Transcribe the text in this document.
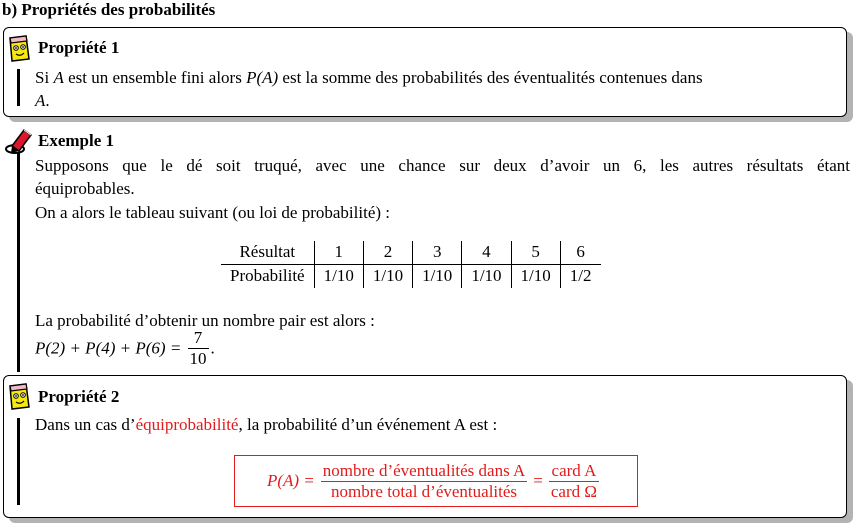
b) Propriétés des probabilités
Propriété 1
Si A est un ensemble fini alors P(A) est la somme des probabilités des éventualités contenues dans
A.
Exemple 1
Supposons que le dé soit truqué, avec une chance sur deux d’avoir un 6, les autres résultats étant
équiprobables.
On a alors le tableau suivant (ou loi de probabilité) :
Résultat	1	2	3	4	5	6
Probabilité	1/10	1/10	1/10	1/10	1/10	1/2
La probabilité d’obtenir un nombre pair est alors :
$P(2) + P(4) + P(6) = \frac{7}{10}$ .
Propriété 2
Dans un cas d’équiprobabilité, la probabilité d’un événement A est :
$P(A) = \frac{\text{nombre d’éventualités dans A}}{\text{nombre total d’éventualités}} = \frac{\text{card A}}{\text{card Ω}}$
